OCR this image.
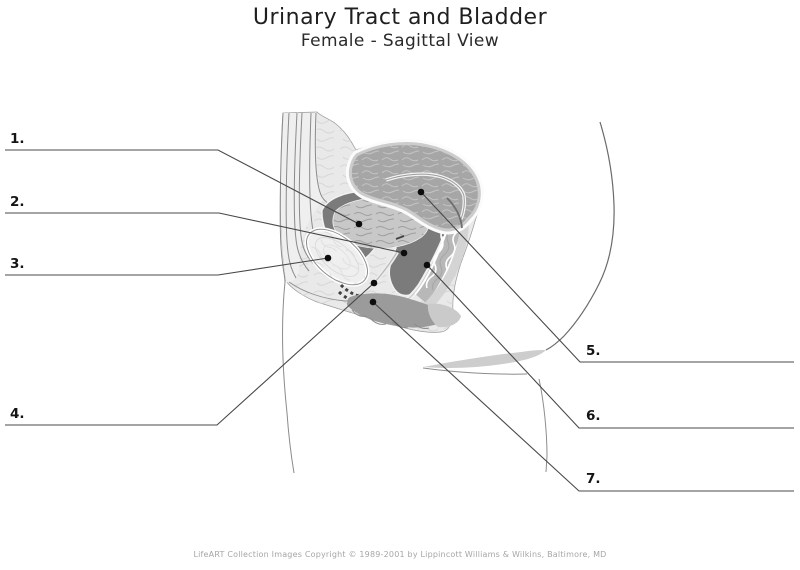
Urinary Tract and Bladder
Female - Sagittal View
1.
2.
3.
4.
5.
6.
7.
LifeART Collection Images Copyright © 1989-2001 by Lippincott Williams & Wilkins, Baltimore, MD
